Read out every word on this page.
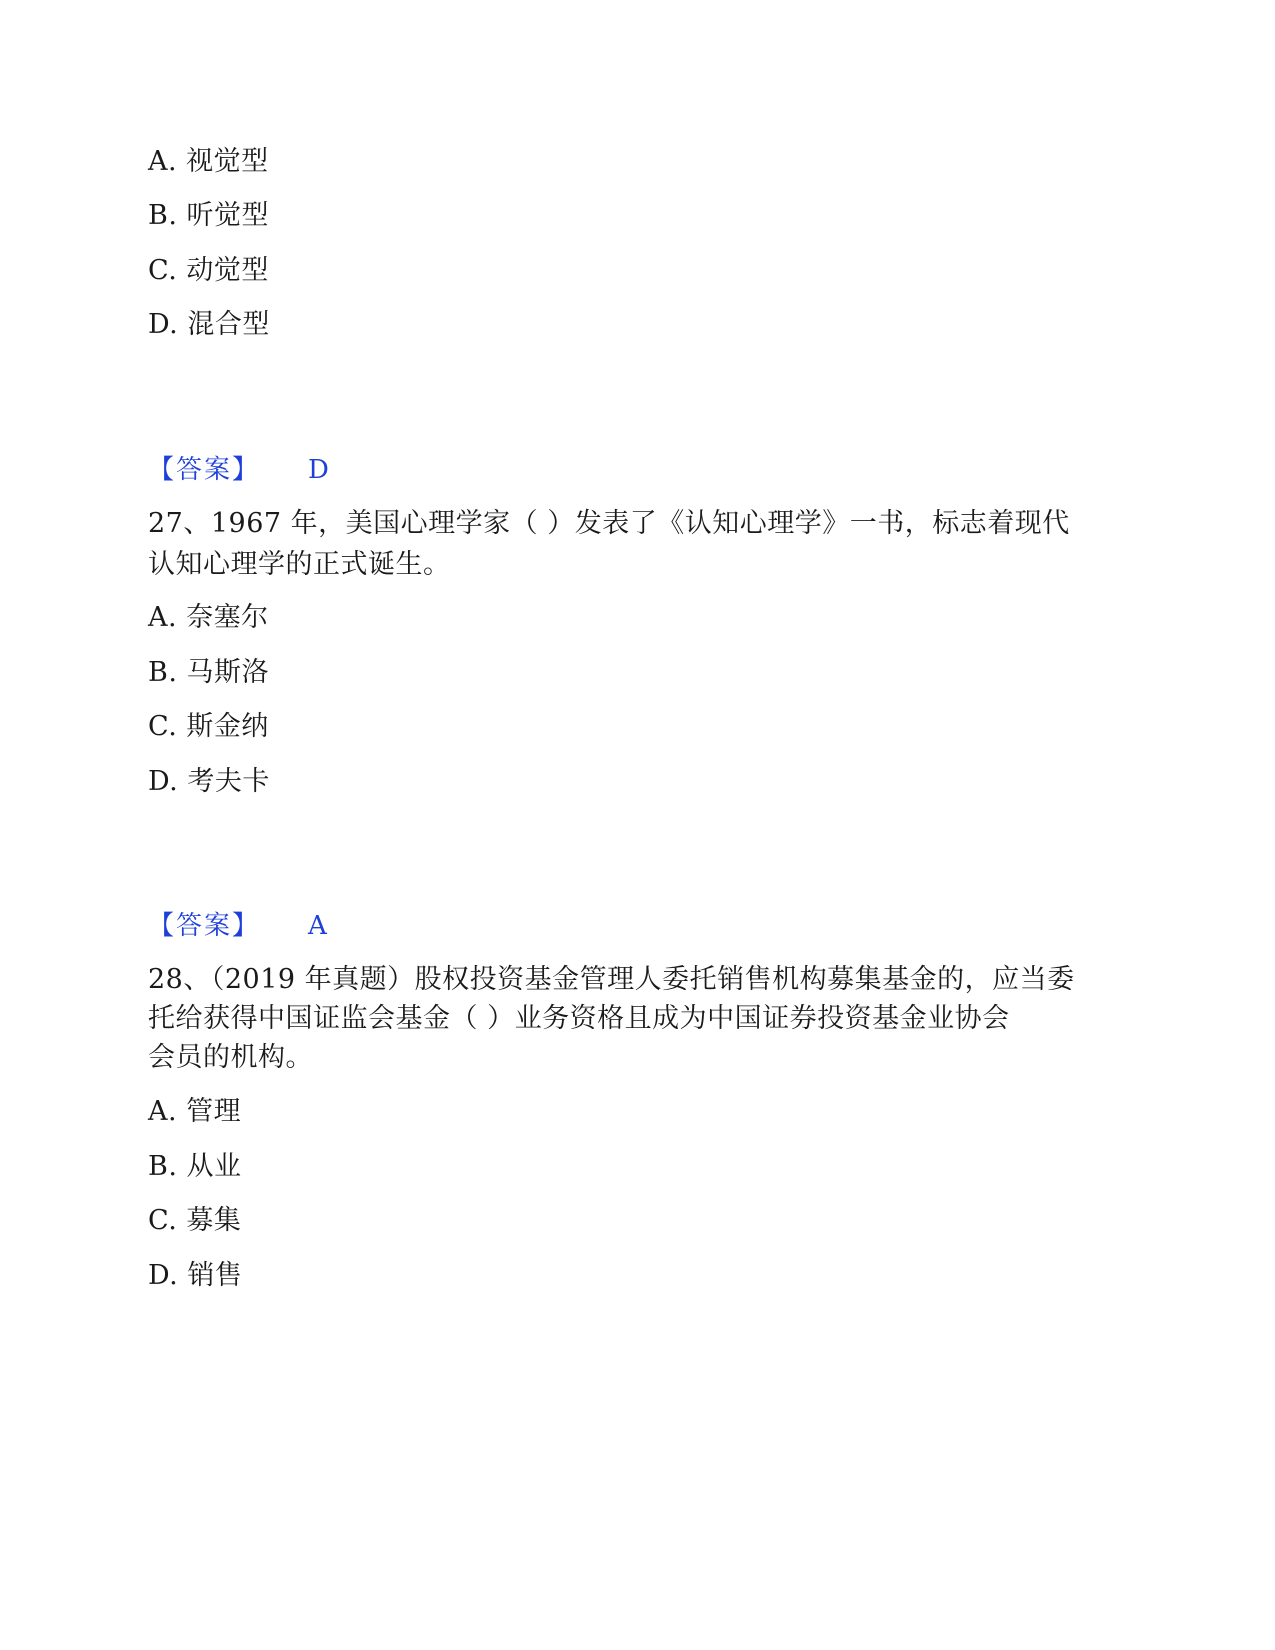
A. 视觉型
B. 听觉型
C. 动觉型
D. 混合型
【答案】 D
27、1967 年，美国心理学家（ ）发表了《认知心理学》一书，标志着现代
认知心理学的正式诞生。
A. 奈塞尔
B. 马斯洛
C. 斯金纳
D. 考夫卡
【答案】 A
28、（2019 年真题）股权投资基金管理人委托销售机构募集基金的，应当委
托给获得中国证监会基金（ ）业务资格且成为中国证券投资基金业协会
会员的机构。
A. 管理
B. 从业
C. 募集
D. 销售
